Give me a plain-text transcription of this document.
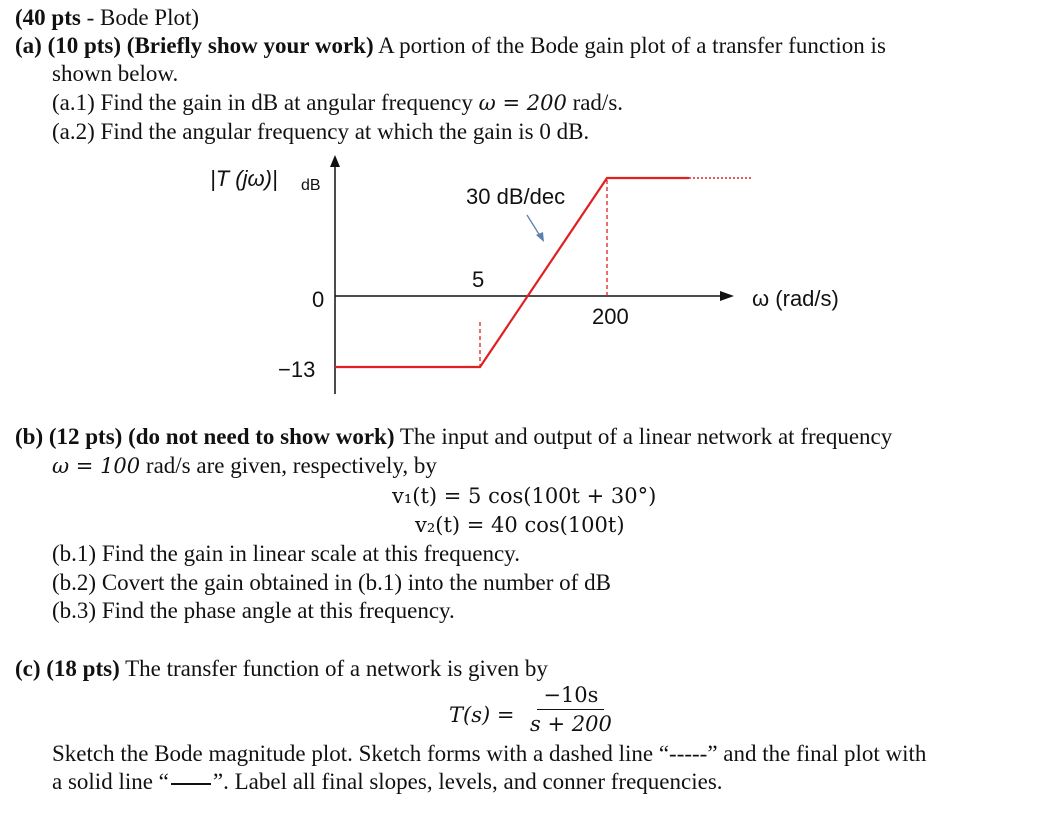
(40 pts - Bode Plot)
(a) (10 pts) (Briefly show your work) A portion of the Bode gain plot of a transfer function is
shown below.
(a.1) Find the gain in dB at angular frequency ω = 200 rad/s.
(a.2) Find the angular frequency at which the gain is 0 dB.
|T (jω)| dB	30 dB/dec
5
200
0
−13
ω (rad/s)
(b) (12 pts) (do not need to show work) The input and output of a linear network at frequency
ω = 100 rad/s are given, respectively, by
v₁(t) = 5 cos(100t + 30°)
v₂(t) = 40 cos(100t)
(b.1) Find the gain in linear scale at this frequency.
(b.2) Covert the gain obtained in (b.1) into the number of dB
(b.3) Find the phase angle at this frequency.
(c) (18 pts) The transfer function of a network is given by
$T(s) = \frac{-10s}{s + 200}$
Sketch the Bode magnitude plot. Sketch forms with a dashed line “-----” and the final plot with
a solid line “ ”. Label all final slopes, levels, and conner frequencies.
